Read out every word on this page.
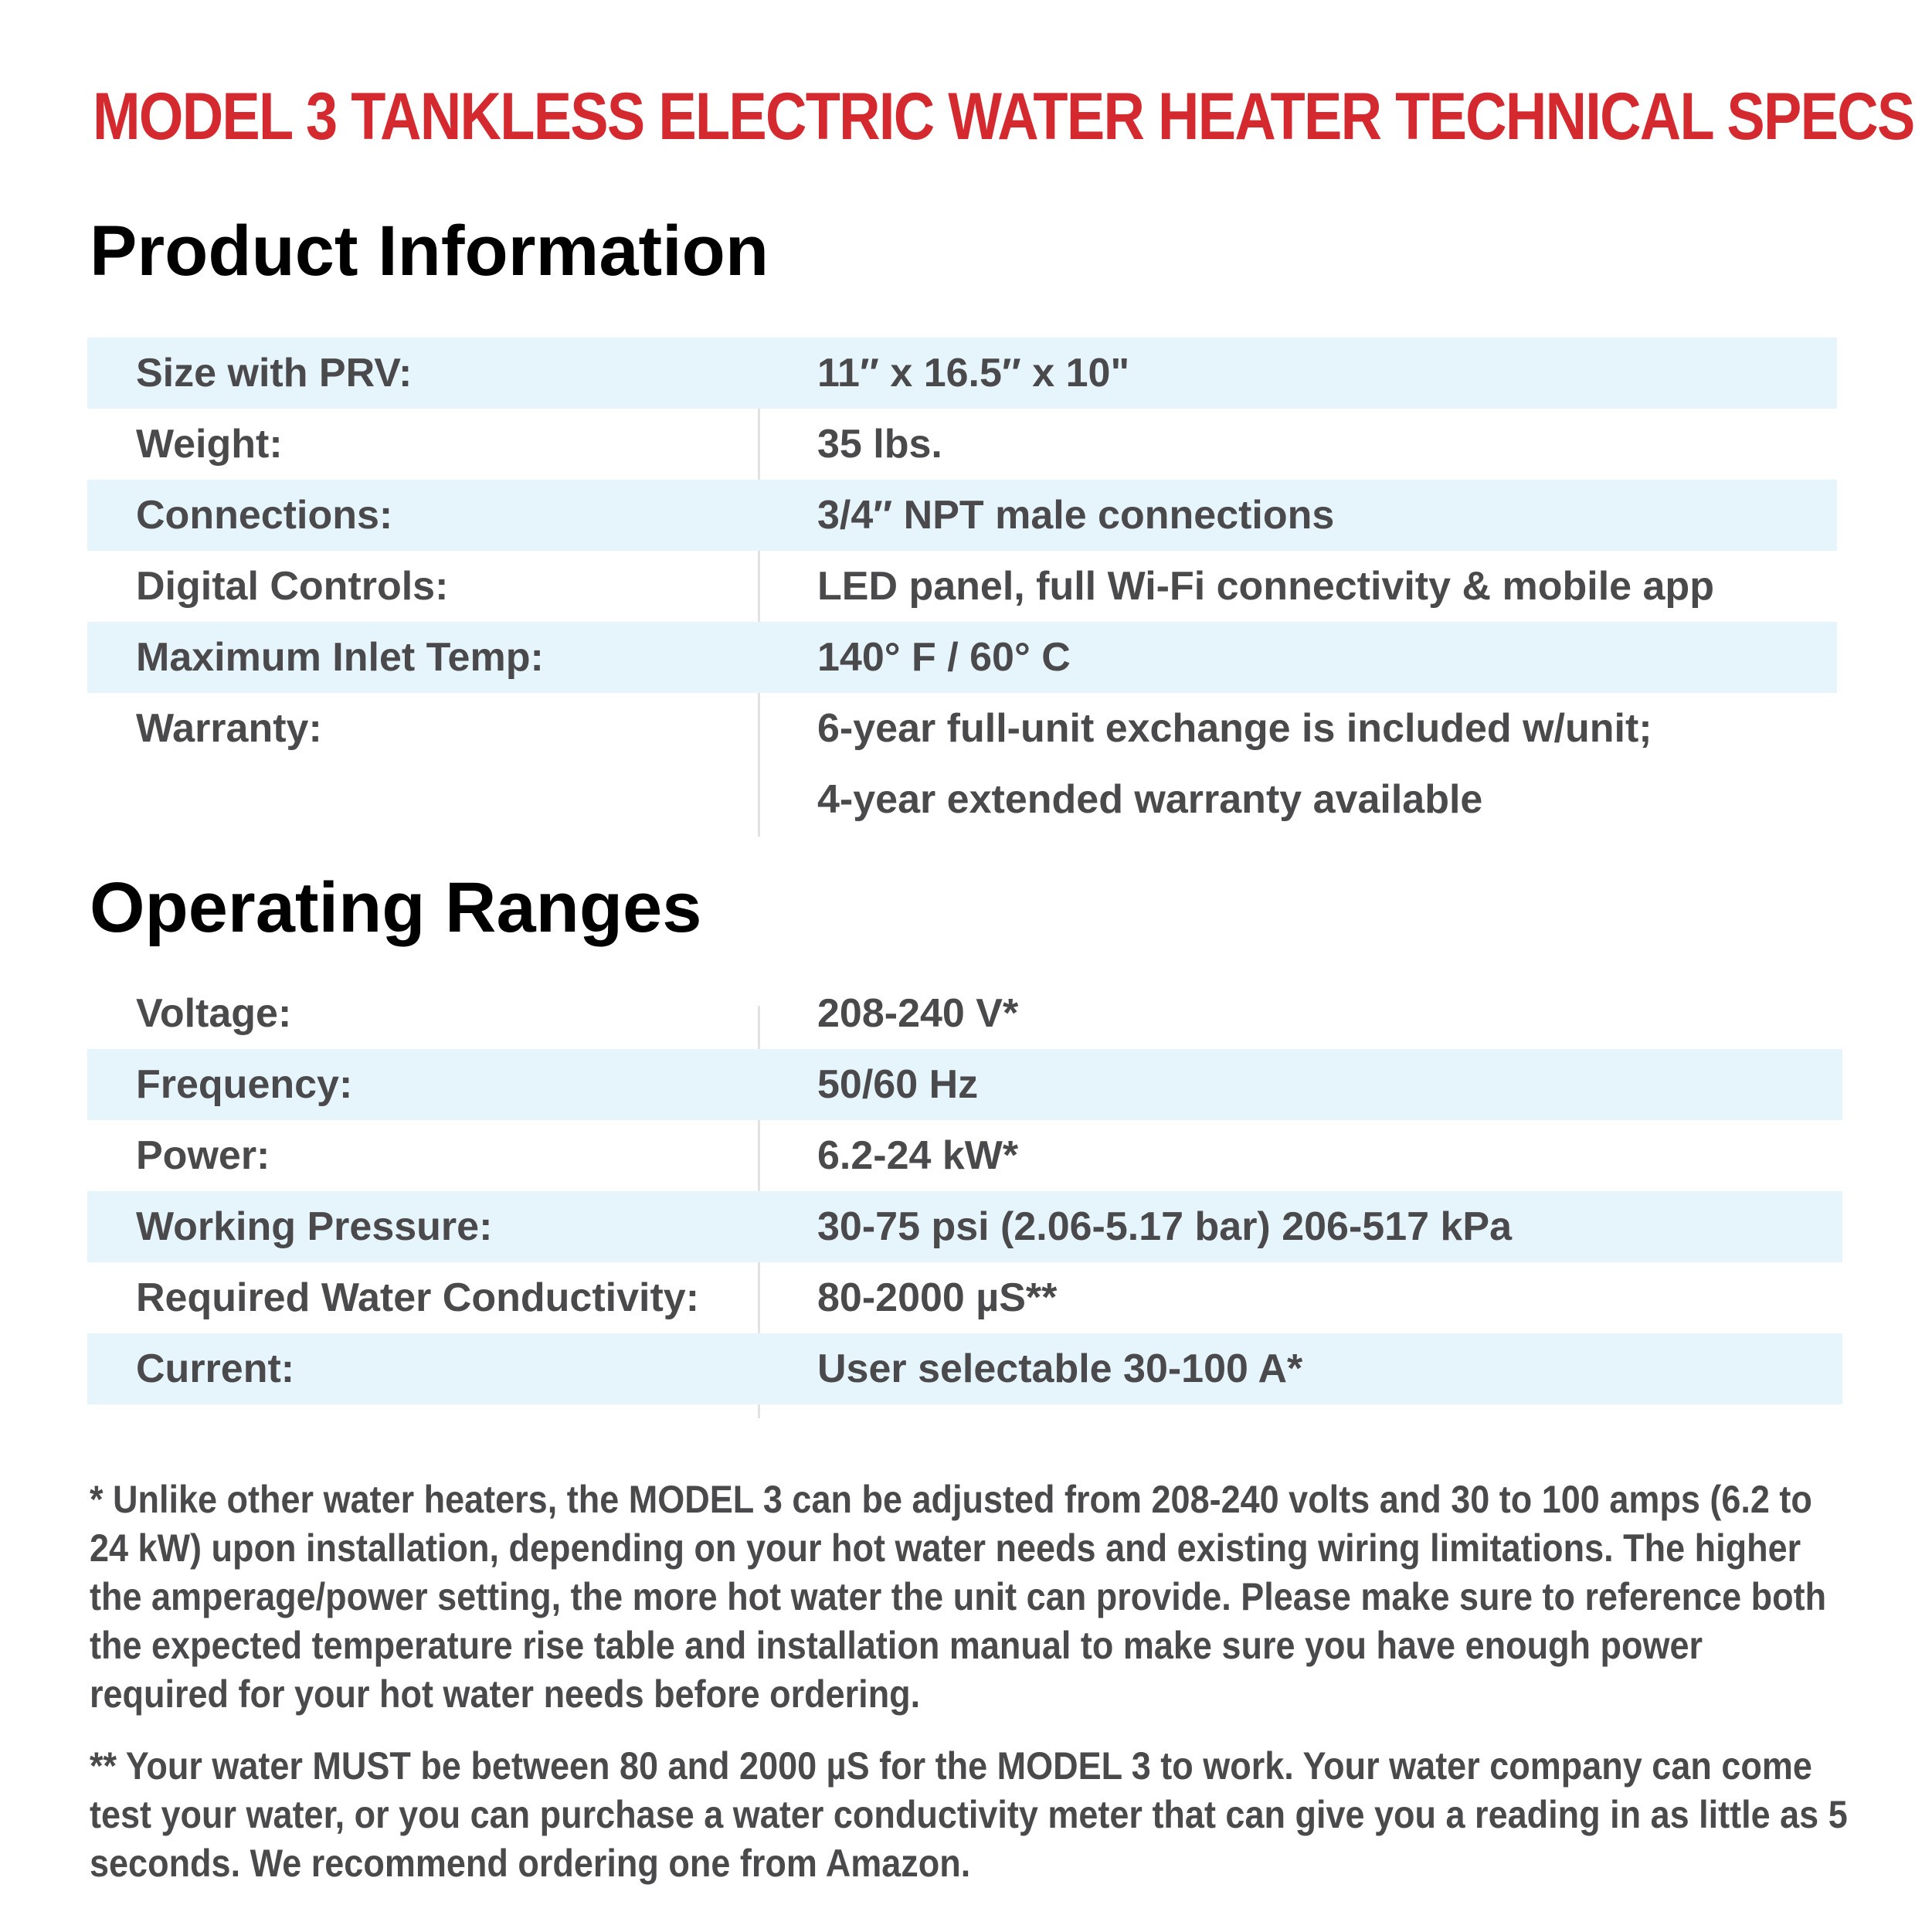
MODEL 3 TANKLESS ELECTRIC WATER HEATER TECHNICAL SPECS
Product Information
Size with PRV:	11″ x 16.5″ x 10"
Weight:	35 lbs.
Connections:	3/4″ NPT male connections
Digital Controls:	LED panel, full Wi-Fi connectivity & mobile app
Maximum Inlet Temp:	140° F / 60° C
Warranty:	6-year full-unit exchange is included w/unit;
4-year extended warranty available
Operating Ranges
Voltage:	208-240 V*
Frequency:	50/60 Hz
Power:	6.2-24 kW*
Working Pressure:	30-75 psi (2.06-5.17 bar) 206-517 kPa
Required Water Conductivity:	80-2000 µS**
Current:	User selectable 30-100 A*

* Unlike other water heaters, the MODEL 3 can be adjusted from 208-240 volts and 30 to 100 amps (6.2 to 24 kW) upon installation, depending on your hot water needs and existing wiring limitations. The higher the amperage/power setting, the more hot water the unit can provide. Please make sure to reference both the expected temperature rise table and installation manual to make sure you have enough power required for your hot water needs before ordering.

** Your water MUST be between 80 and 2000 µS for the MODEL 3 to work. Your water company can come test your water, or you can purchase a water conductivity meter that can give you a reading in as little as 5 seconds. We recommend ordering one from Amazon.
